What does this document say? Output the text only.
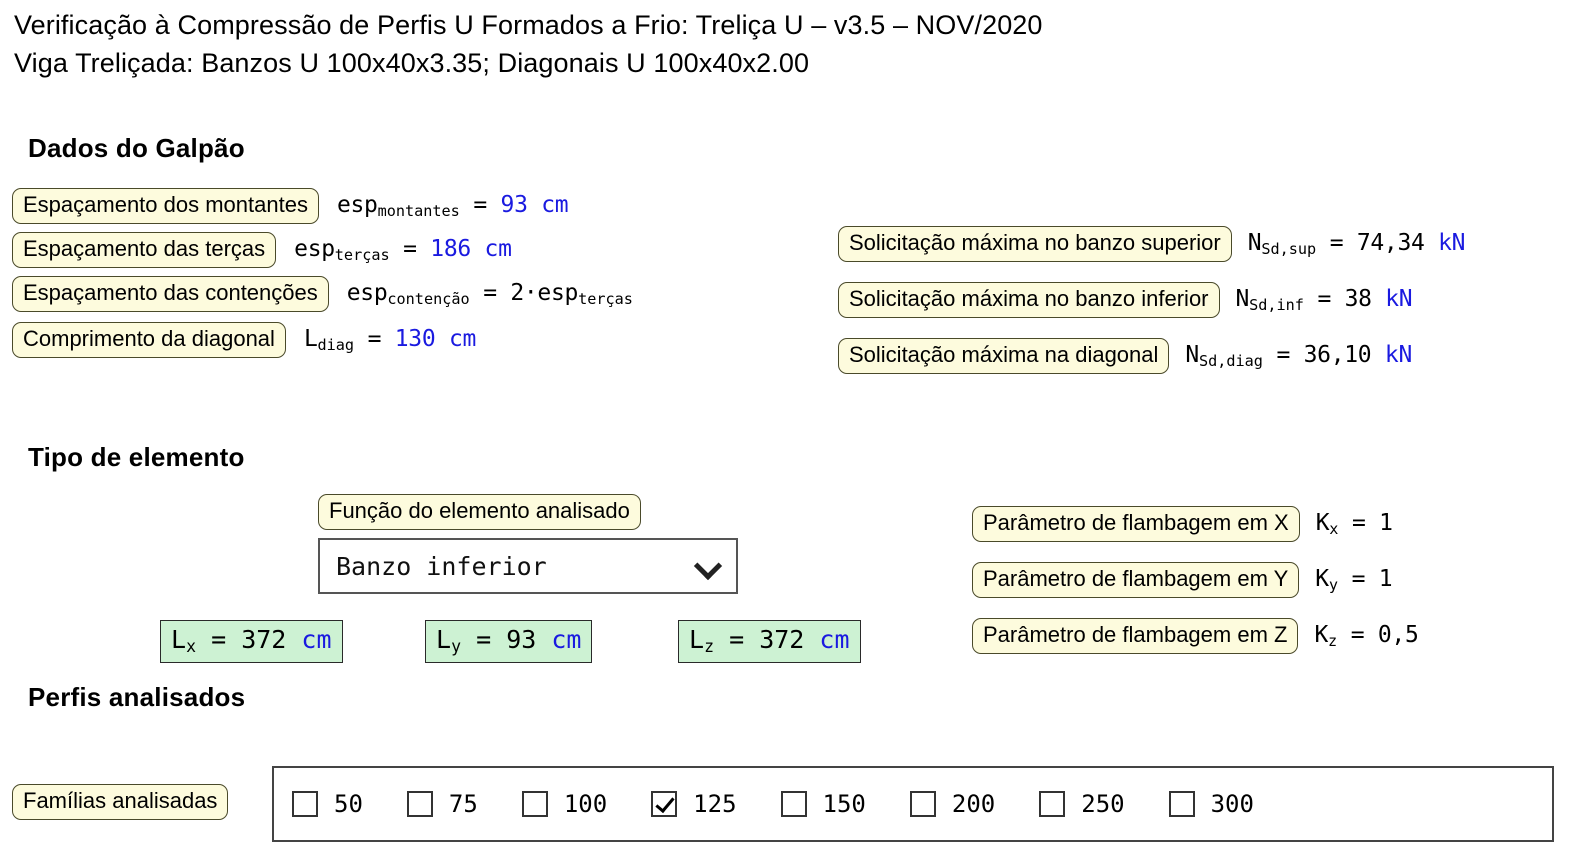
Verificação à Compressão de Perfis U Formados a Frio: Treliça U – v3.5 – NOV/2020
Viga Treliçada: Banzos U 100x40x3.35; Diagonais U 100x40x2.00
Dados do Galpão
Espaçamento dos montantes	esp$_{montantes}$ = 93 cm
Espaçamento das terças	esp$_{terças}$ = 186 cm
Espaçamento das contenções	esp$_{contenção}$ = 2·esp$_{terças}$
Comprimento da diagonal	$L_{diag} = 130$ cm
Solicitação máxima no banzo superior	$N_{Sd,sup} = 74,34$ kN
Solicitação máxima no banzo inferior	$N_{Sd,inf} = 38$ kN
Solicitação máxima na diagonal	$N_{Sd,diag} = 36,10$ kN
Tipo de elemento
Função do elemento analisado
Banzo inferior
$L_x = 372$ cm	$L_y = 93$ cm	$L_z = 372$ cm
Parâmetro de flambagem em X	$K_x = 1$
Parâmetro de flambagem em Y	$K_y = 1$
Parâmetro de flambagem em Z	$K_z = 0,5$
Perfis analisados
Famílias analisadas	50	75	100	125	150	200	250	300
